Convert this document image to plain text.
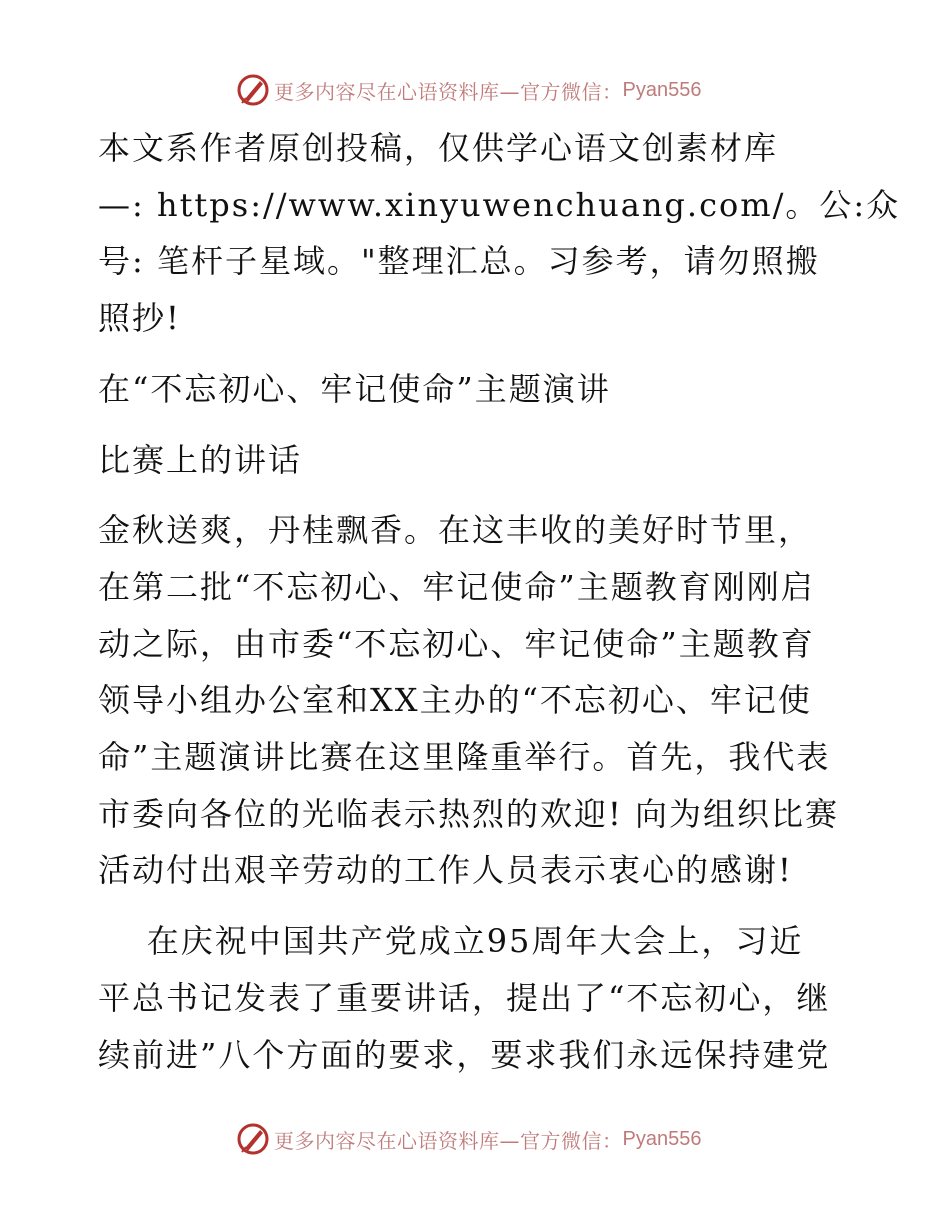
更多内容尽在心语资料库—官方微信： Pyan556
本文系作者原创投稿，仅供学心语文创素材库
—: https://www.xinyuwenchuang.com/。公:众
号: 笔杆子星域。"整理汇总。习参考，请勿照搬
照抄!
在“不忘初心、牢记使命”主题演讲
比赛上的讲话
金秋送爽，丹桂飘香。在这丰收的美好时节里，
在第二批“不忘初心、牢记使命”主题教育刚刚启
动之际，由市委“不忘初心、牢记使命”主题教育
领导小组办公室和XX主办的“不忘初心、牢记使
命”主题演讲比赛在这里隆重举行。首先，我代表
市委向各位的光临表示热烈的欢迎! 向为组织比赛
活动付出艰辛劳动的工作人员表示衷心的感谢!
在庆祝中国共产党成立95周年大会上，习近
平总书记发表了重要讲话，提出了“不忘初心，继
续前进”八个方面的要求，要求我们永远保持建党
更多内容尽在心语资料库—官方微信： Pyan556
